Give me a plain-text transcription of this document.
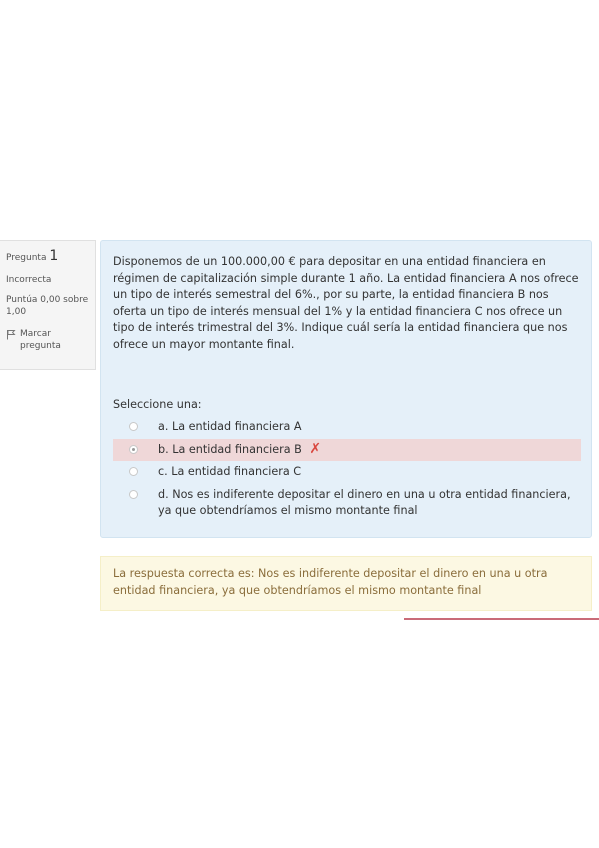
Pregunta 1
Incorrecta
Puntúa 0,00 sobre 1,00
Marcar pregunta

Disponemos de un 100.000,00 € para depositar en una entidad financiera en régimen de capitalización simple durante 1 año. La entidad financiera A nos ofrece un tipo de interés semestral del 6%., por su parte, la entidad financiera B nos oferta un tipo de interés mensual del 1% y la entidad financiera C nos ofrece un tipo de interés trimestral del 3%. Indique cuál sería la entidad financiera que nos ofrece un mayor montante final.

Seleccione una:
a. La entidad financiera A
b. La entidad financiera B ✗
c. La entidad financiera C
d. Nos es indiferente depositar el dinero en una u otra entidad financiera, ya que obtendríamos el mismo montante final
La respuesta correcta es: Nos es indiferente depositar el dinero en una u otra entidad financiera, ya que obtendríamos el mismo montante final
